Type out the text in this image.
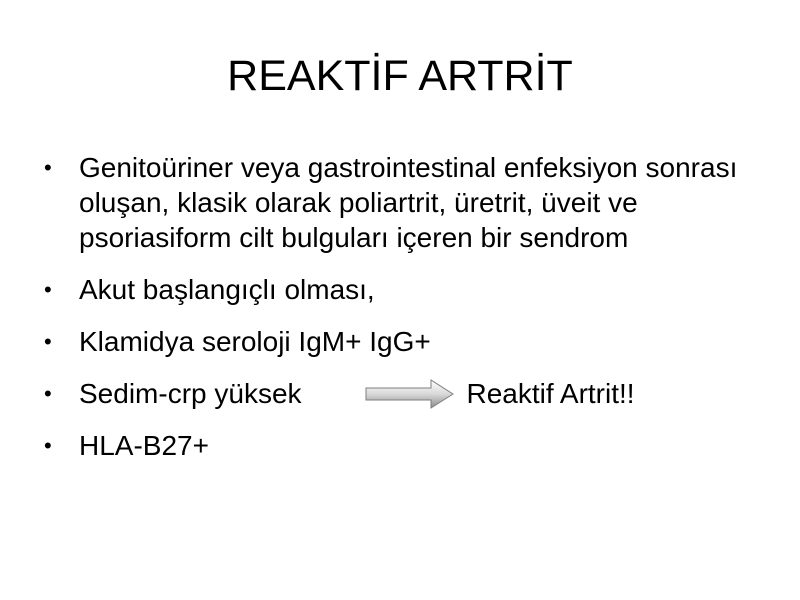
REAKTİF ARTRİT
• Genitoüriner veya gastrointestinal enfeksiyon sonrası oluşan, klasik olarak poliartrit, üretrit, üveit ve psoriasiform cilt bulguları içeren bir sendrom
• Akut başlangıçlı olması,
• Klamidya seroloji IgM+ IgG+
• Sedim-crp yüksek	Reaktif Artrit!!
• HLA-B27+
